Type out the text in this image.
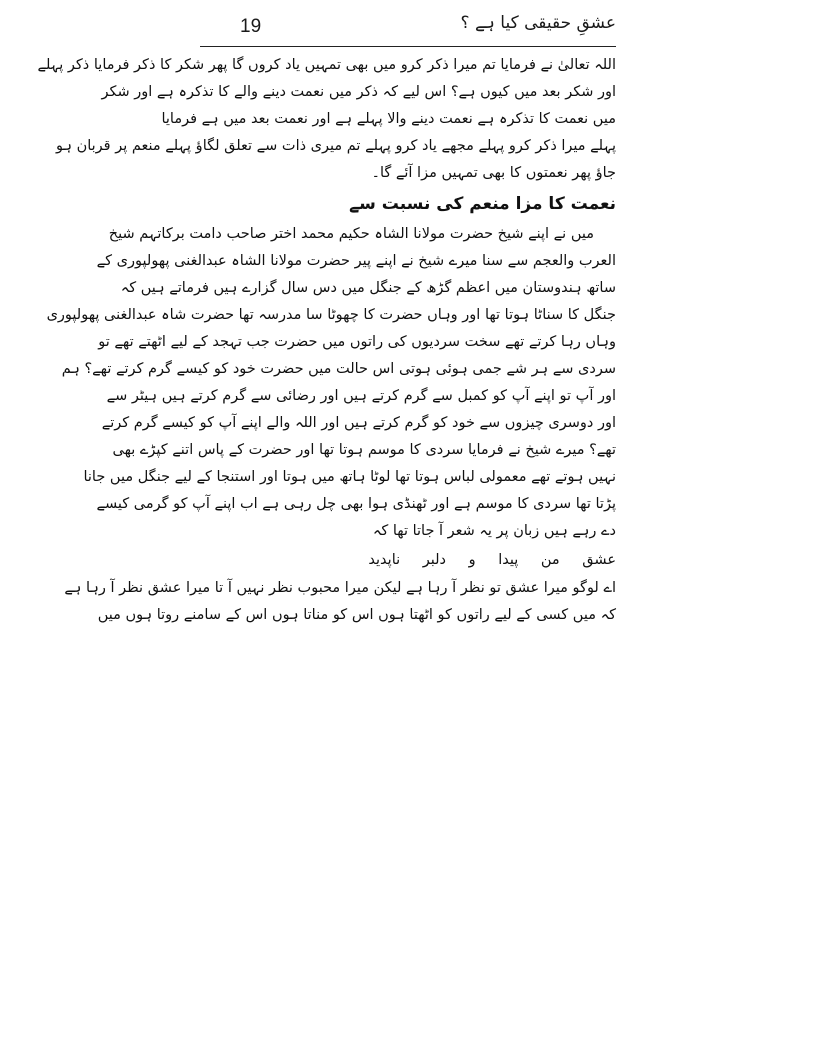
19	عشقِ حقیقی کیا ہے ؟
اللہ تعالیٰ نے فرمایا تم میرا ذکر کرو میں بھی تمہیں یاد کروں گا پھر شکر کا ذکر فرمایا ذکر پہلے
اور شکر بعد میں کیوں ہے؟ اس لیے کہ ذکر میں نعمت دینے والے کا تذکرہ ہے اور شکر
میں نعمت کا تذکرہ ہے نعمت دینے والا پہلے ہے اور نعمت بعد میں ہے فرمایا
پہلے میرا ذکر کرو پہلے مجھے یاد کرو پہلے تم میری ذات سے تعلق لگاؤ پہلے منعم پر قربان ہو
جاؤ پھر نعمتوں کا بھی تمہیں مزا آئے گا۔
نعمت کا مزا منعم کی نسبت سے
میں نے اپنے شیخ حضرت مولانا الشاہ حکیم محمد اختر صاحب دامت برکاتہم شیخ
العرب والعجم سے سنا میرے شیخ نے اپنے پیر حضرت مولانا الشاہ عبدالغنی پھولپوری کے
ساتھ ہندوستان میں اعظم گڑھ کے جنگل میں دس سال گزارے ہیں فرماتے ہیں کہ
جنگل کا سناٹا ہوتا تھا اور وہاں حضرت کا چھوٹا سا مدرسہ تھا حضرت شاہ عبدالغنی پھولپوری
وہاں رہا کرتے تھے سخت سردیوں کی راتوں میں حضرت جب تہجد کے لیے اٹھتے تھے تو
سردی سے ہر شے جمی ہوئی ہوتی اس حالت میں حضرت خود کو کیسے گرم کرتے تھے؟ ہم
اور آپ تو اپنے آپ کو کمبل سے گرم کرتے ہیں اور رضائی سے گرم کرتے ہیں ہیٹر سے
اور دوسری چیزوں سے خود کو گرم کرتے ہیں اور اللہ والے اپنے آپ کو کیسے گرم کرتے
تھے؟ میرے شیخ نے فرمایا سردی کا موسم ہوتا تھا اور حضرت کے پاس اتنے کپڑے بھی
نہیں ہوتے تھے معمولی لباس ہوتا تھا لوٹا ہاتھ میں ہوتا اور استنجا کے لیے جنگل میں جانا
پڑتا تھا سردی کا موسم ہے اور ٹھنڈی ہوا بھی چل رہی ہے اب اپنے آپ کو گرمی کیسے
دے رہے ہیں زبان پر یہ شعر آ جاتا تھا کہ
عشق من پیدا و دلبر ناپدید
اے لوگو میرا عشق تو نظر آ رہا ہے لیکن میرا محبوب نظر نہیں آ تا میرا عشق نظر آ رہا ہے
کہ میں کسی کے لیے راتوں کو اٹھتا ہوں اس کو مناتا ہوں اس کے سامنے روتا ہوں میں
